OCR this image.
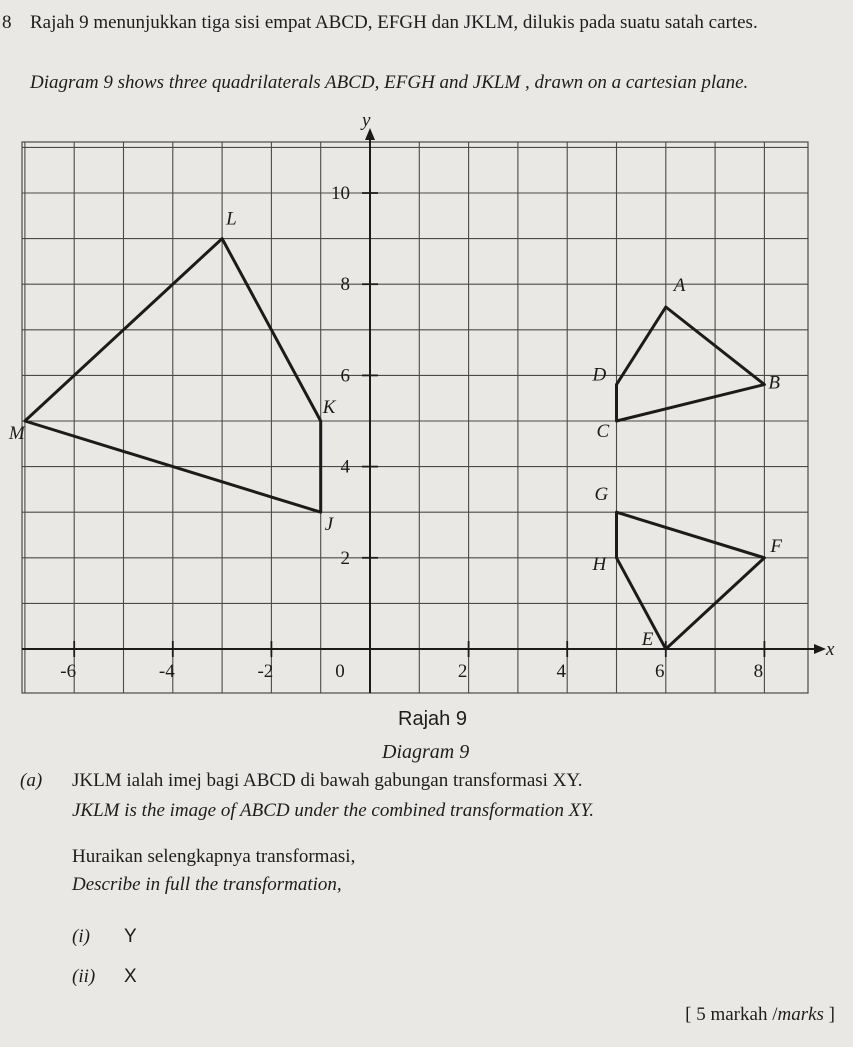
8 Rajah 9 menunjukkan tiga sisi empat ABCD, EFGH dan JKLM, dilukis pada suatu satah cartes.
Diagram 9 shows three quadrilaterals ABCD, EFGH and JKLM , drawn on a cartesian plane.
x
y
-6	-4	-2	0	2	4	6	8
2
4
6
8
10
A
B
C
D
E
F
G
H
J
K
L
M
Rajah 9
Diagram 9
(a) JKLM ialah imej bagi ABCD di bawah gabungan transformasi XY.
JKLM is the image of ABCD under the combined transformation XY.
Huraikan selengkapnya transformasi,
Describe in full the transformation,
(i) Y
(ii) X
[ 5 markah /marks ]
